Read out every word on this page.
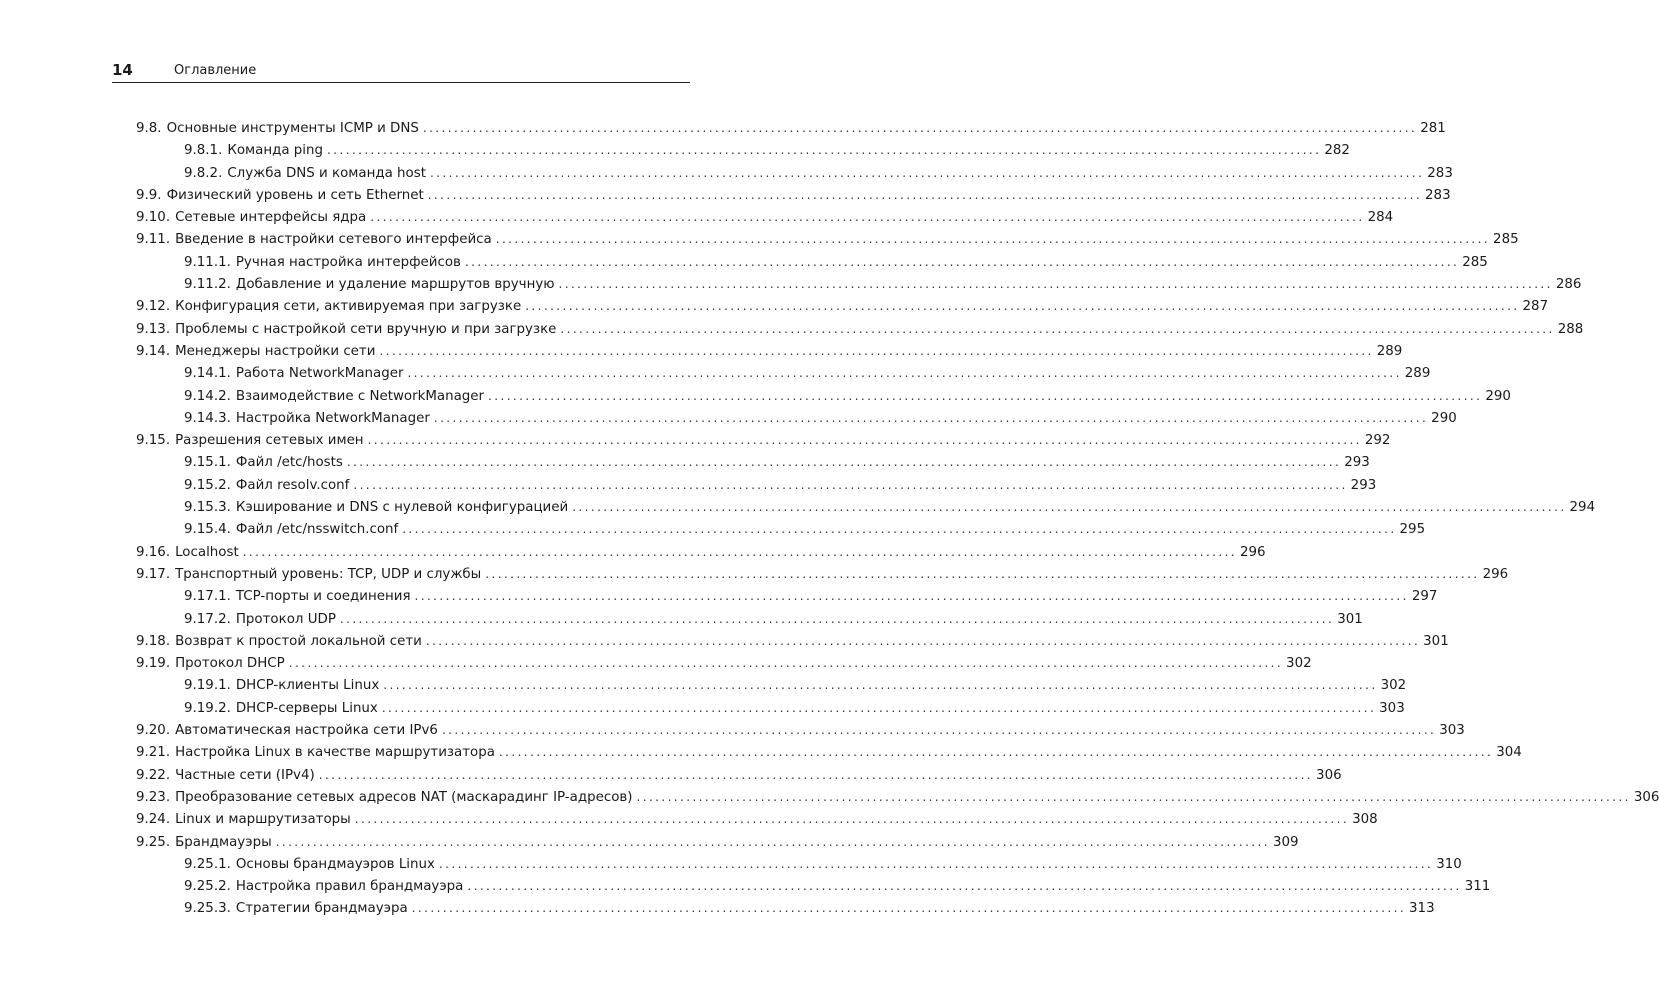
14	Оглавление
9.8. Основные инструменты ICMP и DNS ................................................................................................................................................................ 281
9.8.1. Команда ping ................................................................................................................................................................ 282
9.8.2. Служба DNS и команда host ................................................................................................................................................................ 283
9.9. Физический уровень и сеть Ethernet ................................................................................................................................................................ 283
9.10. Сетевые интерфейсы ядра ................................................................................................................................................................ 284
9.11. Введение в настройки сетевого интерфейса ................................................................................................................................................................ 285
9.11.1. Ручная настройка интерфейсов ................................................................................................................................................................ 285
9.11.2. Добавление и удаление маршрутов вручную ................................................................................................................................................................ 286
9.12. Конфигурация сети, активируемая при загрузке ................................................................................................................................................................ 287
9.13. Проблемы с настройкой сети вручную и при загрузке ................................................................................................................................................................ 288
9.14. Менеджеры настройки сети ................................................................................................................................................................ 289
9.14.1. Работа NetworkManager ................................................................................................................................................................ 289
9.14.2. Взаимодействие с NetworkManager ................................................................................................................................................................ 290
9.14.3. Настройка NetworkManager ................................................................................................................................................................ 290
9.15. Разрешения сетевых имен ................................................................................................................................................................ 292
9.15.1. Файл /etc/hosts ................................................................................................................................................................ 293
9.15.2. Файл resolv.conf ................................................................................................................................................................ 293
9.15.3. Кэширование и DNS с нулевой конфигурацией ................................................................................................................................................................ 294
9.15.4. Файл /etc/nsswitch.conf ................................................................................................................................................................ 295
9.16. Localhost ................................................................................................................................................................ 296
9.17. Транспортный уровень: TCP, UDP и службы ................................................................................................................................................................ 296
9.17.1. TCP-порты и соединения ................................................................................................................................................................ 297
9.17.2. Протокол UDP ................................................................................................................................................................ 301
9.18. Возврат к простой локальной сети ................................................................................................................................................................ 301
9.19. Протокол DHCP ................................................................................................................................................................ 302
9.19.1. DHCP-клиенты Linux ................................................................................................................................................................ 302
9.19.2. DHCP-серверы Linux ................................................................................................................................................................ 303
9.20. Автоматическая настройка сети IPv6 ................................................................................................................................................................ 303
9.21. Настройка Linux в качестве маршрутизатора ................................................................................................................................................................ 304
9.22. Частные сети (IPv4) ................................................................................................................................................................ 306
9.23. Преобразование сетевых адресов NAT (маскарадинг IP-адресов) ................................................................................................................................................................ 306
9.24. Linux и маршрутизаторы ................................................................................................................................................................ 308
9.25. Брандмауэры ................................................................................................................................................................ 309
9.25.1. Основы брандмауэров Linux ................................................................................................................................................................ 310
9.25.2. Настройка правил брандмауэра ................................................................................................................................................................ 311
9.25.3. Стратегии брандмауэра ................................................................................................................................................................ 313
